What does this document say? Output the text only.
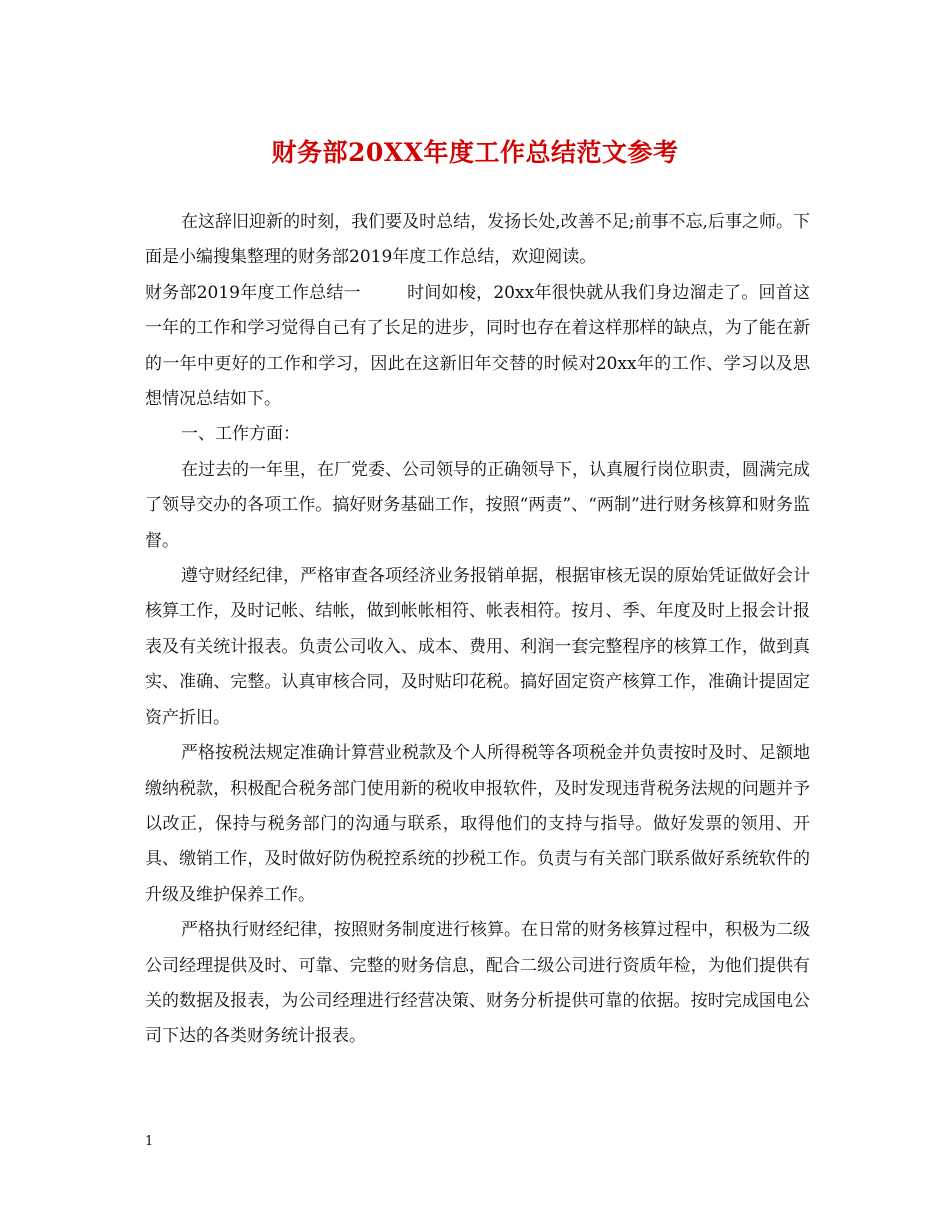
财务部20XX年度工作总结范文参考

在这辞旧迎新的时刻，我们要及时总结，发扬长处,改善不足;前事不忘,后事之师。下面是小编搜集整理的财务部2019年度工作总结，欢迎阅读。

财务部2019年度工作总结一	时间如梭，20xx年很快就从我们身边溜走了。回首这一年的工作和学习觉得自己有了长足的进步，同时也存在着这样那样的缺点，为了能在新的一年中更好的工作和学习，因此在这新旧年交替的时候对20xx年的工作、学习以及思想情况总结如下。

一、工作方面：

在过去的一年里，在厂党委、公司领导的正确领导下，认真履行岗位职责，圆满完成了领导交办的各项工作。搞好财务基础工作，按照“两责”、“两制”进行财务核算和财务监督。

遵守财经纪律，严格审查各项经济业务报销单据，根据审核无误的原始凭证做好会计核算工作，及时记帐、结帐，做到帐帐相符、帐表相符。按月、季、年度及时上报会计报表及有关统计报表。负责公司收入、成本、费用、利润一套完整程序的核算工作，做到真实、准确、完整。认真审核合同，及时贴印花税。搞好固定资产核算工作，准确计提固定资产折旧。

严格按税法规定准确计算营业税款及个人所得税等各项税金并负责按时及时、足额地缴纳税款，积极配合税务部门使用新的税收申报软件，及时发现违背税务法规的问题并予以改正，保持与税务部门的沟通与联系，取得他们的支持与指导。做好发票的领用、开具、缴销工作，及时做好防伪税控系统的抄税工作。负责与有关部门联系做好系统软件的升级及维护保养工作。

严格执行财经纪律，按照财务制度进行核算。在日常的财务核算过程中，积极为二级公司经理提供及时、可靠、完整的财务信息，配合二级公司进行资质年检，为他们提供有关的数据及报表，为公司经理进行经营决策、财务分析提供可靠的依据。按时完成国电公司下达的各类财务统计报表。

1
